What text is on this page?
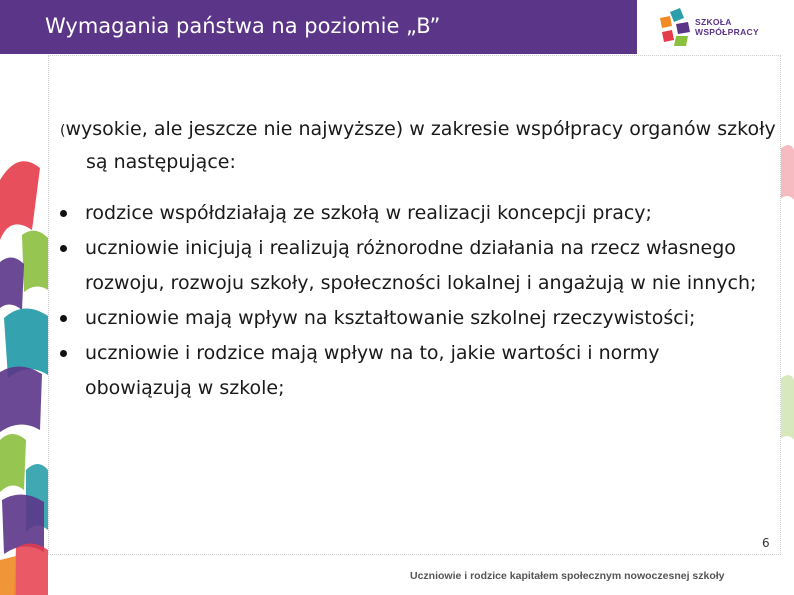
Wymagania państwa na poziomie „B”	SZKOŁA
WSPÓŁPRACY
(wysokie, ale jeszcze nie najwyższe) w zakresie współpracy organów szkoły są następujące:
rodzice współdziałają ze szkołą w realizacji koncepcji pracy;
uczniowie inicjują i realizują różnorodne działania na rzecz własnego rozwoju, rozwoju szkoły, społeczności lokalnej i angażują w nie innych;
uczniowie mają wpływ na kształtowanie szkolnej rzeczywistości;
uczniowie i rodzice mają wpływ na to, jakie wartości i normy obowiązują w szkole;
6
Uczniowie i rodzice kapitałem społecznym nowoczesnej szkoły
